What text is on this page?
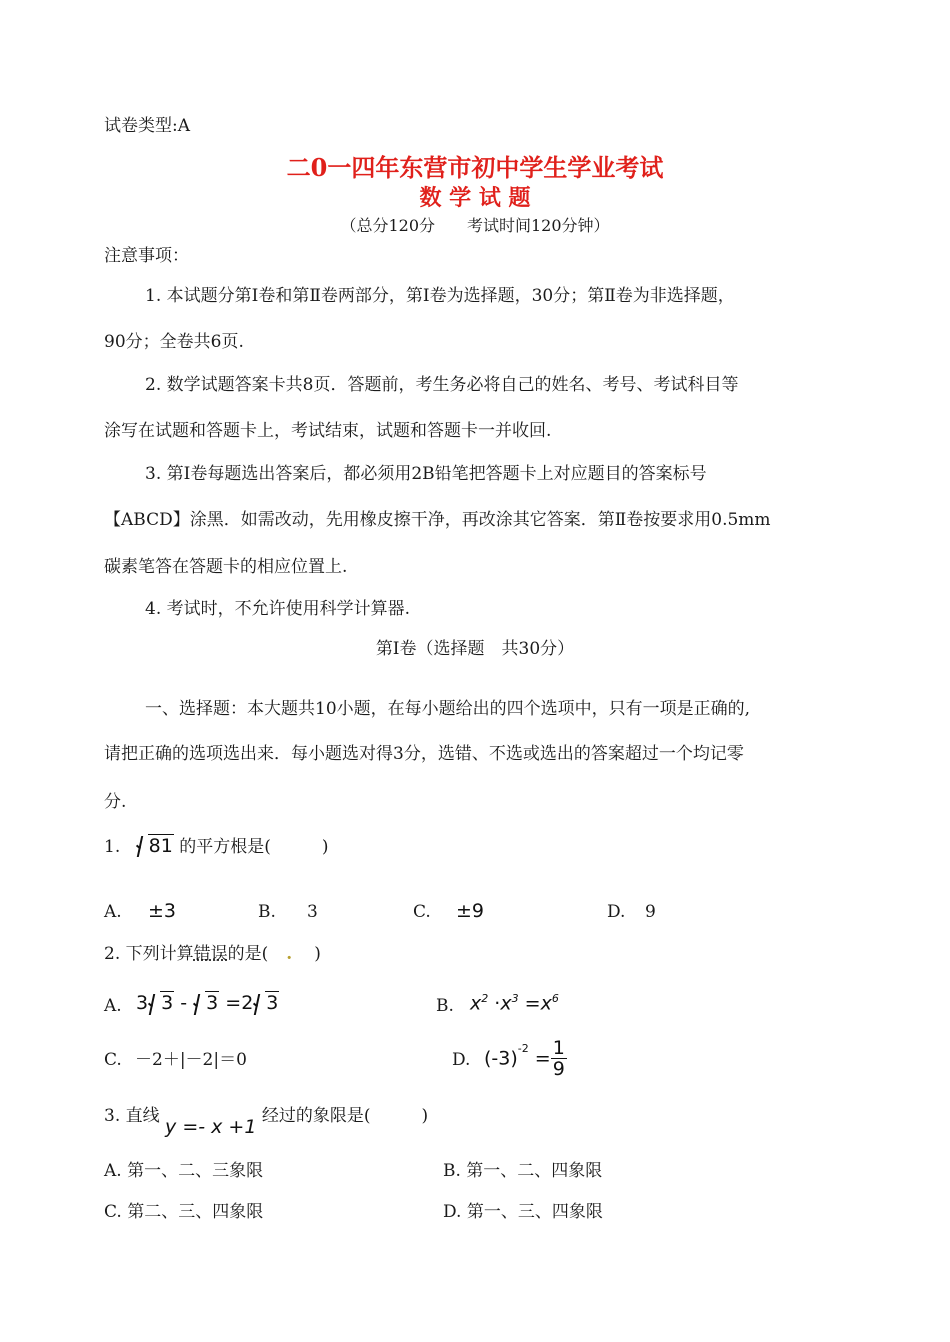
试卷类型:A
二0一四年东营市初中学生学业考试
数 学 试 题
（总分120分　　考试时间120分钟）
注意事项：
1. 本试题分第Ⅰ卷和第Ⅱ卷两部分，第Ⅰ卷为选择题，30分；第Ⅱ卷为非选择题，
90分；全卷共6页.
2. 数学试题答案卡共8页．答题前，考生务必将自己的姓名、考号、考试科目等
涂写在试题和答题卡上，考试结束，试题和答题卡一并收回.
3. 第Ⅰ卷每题选出答案后，都必须用2B铅笔把答题卡上对应题目的答案标号
【ABCD】涂黑．如需改动，先用橡皮擦干净，再改涂其它答案．第Ⅱ卷按要求用0.5mm
碳素笔答在答题卡的相应位置上.
4. 考试时，不允许使用科学计算器.
第Ⅰ卷（选择题　共30分）
一、选择题：本大题共10小题，在每小题给出的四个选项中，只有一项是正确的,
请把正确的选项选出来．每小题选对得3分，选错、不选或选出的答案超过一个均记零
分.
1. 81 的平方根是(　　　)
A. ±3	B. 3	C. ±9	D. 9
2. 下列计算错误的是( . )
A. 3 3 - 3 =2 3	B. $x^2 \cdot x^3 =x^6$
C. －2＋|－2|＝0	D. $(-3)^{-2} = \frac{1}{9}$
3. 直线 y =- x +1 经过的象限是(　　　)
A. 第一、二、三象限	B. 第一、二、四象限
C. 第二、三、四象限	D. 第一、三、四象限
